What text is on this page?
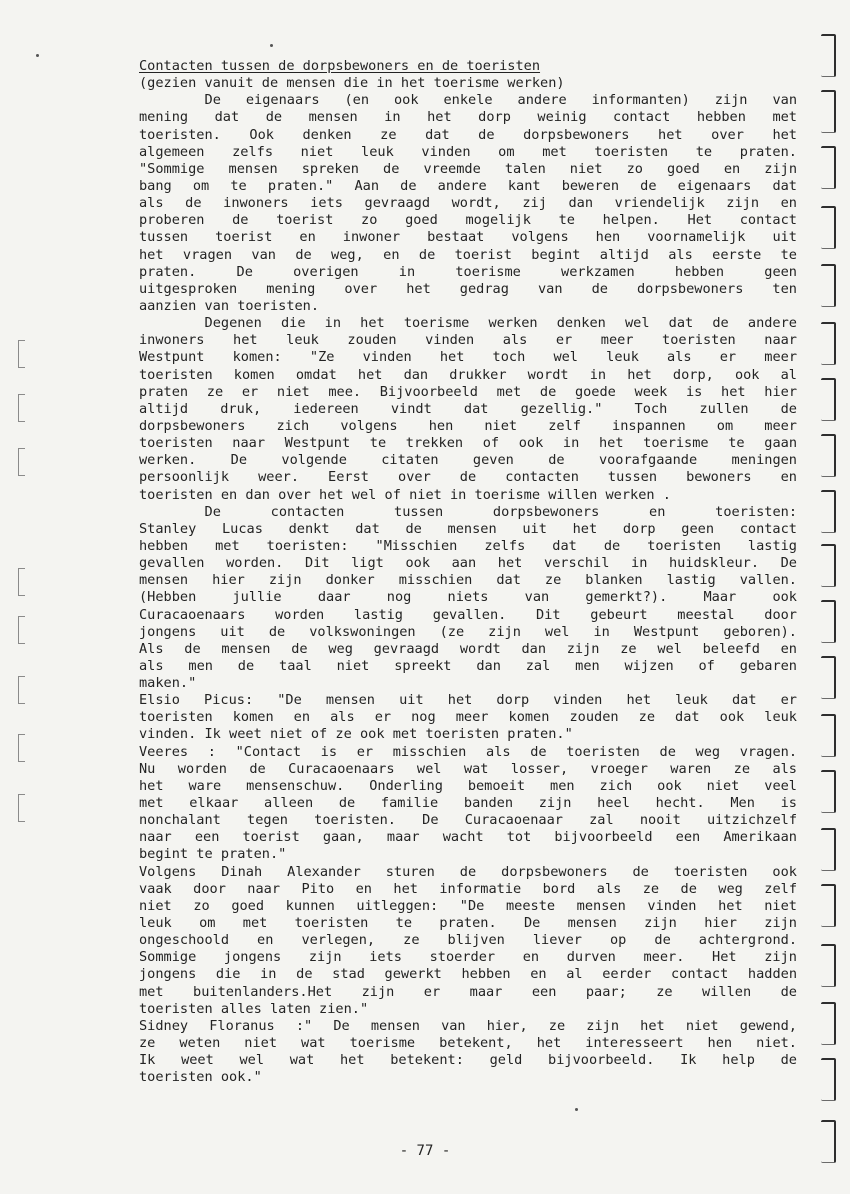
Contacten tussen de dorpsbewoners en de toeristen
(gezien vanuit de mensen die in het toerisme werken)
De eigenaars (en ook enkele andere informanten) zijn van
mening dat de mensen in het dorp weinig contact hebben met
toeristen. Ook denken ze dat de dorpsbewoners het over het
algemeen zelfs niet leuk vinden om met toeristen te praten.
"Sommige mensen spreken de vreemde talen niet zo goed en zijn
bang om te praten." Aan de andere kant beweren de eigenaars dat
als de inwoners iets gevraagd wordt, zij dan vriendelijk zijn en
proberen de toerist zo goed mogelijk te helpen. Het contact
tussen toerist en inwoner bestaat volgens hen voornamelijk uit
het vragen van de weg, en de toerist begint altijd als eerste te
praten. De overigen in toerisme werkzamen hebben geen
uitgesproken mening over het gedrag van de dorpsbewoners ten
aanzien van toeristen.
Degenen die in het toerisme werken denken wel dat de andere
inwoners het leuk zouden vinden als er meer toeristen naar
Westpunt komen: "Ze vinden het toch wel leuk als er meer
toeristen komen omdat het dan drukker wordt in het dorp, ook al
praten ze er niet mee. Bijvoorbeeld met de goede week is het hier
altijd druk, iedereen vindt dat gezellig." Toch zullen de
dorpsbewoners zich volgens hen niet zelf inspannen om meer
toeristen naar Westpunt te trekken of ook in het toerisme te gaan
werken. De volgende citaten geven de voorafgaande meningen
persoonlijk weer. Eerst over de contacten tussen bewoners en
toeristen en dan over het wel of niet in toerisme willen werken .
De contacten tussen dorpsbewoners en toeristen:
Stanley Lucas denkt dat de mensen uit het dorp geen contact
hebben met toeristen: "Misschien zelfs dat de toeristen lastig
gevallen worden. Dit ligt ook aan het verschil in huidskleur. De
mensen hier zijn donker misschien dat ze blanken lastig vallen.
(Hebben jullie daar nog niets van gemerkt?). Maar ook
Curacaoenaars worden lastig gevallen. Dit gebeurt meestal door
jongens uit de volkswoningen (ze zijn wel in Westpunt geboren).
Als de mensen de weg gevraagd wordt dan zijn ze wel beleefd en
als men de taal niet spreekt dan zal men wijzen of gebaren
maken."
Elsio Picus: "De mensen uit het dorp vinden het leuk dat er
toeristen komen en als er nog meer komen zouden ze dat ook leuk
vinden. Ik weet niet of ze ook met toeristen praten."
Veeres : "Contact is er misschien als de toeristen de weg vragen.
Nu worden de Curacaoenaars wel wat losser, vroeger waren ze als
het ware mensenschuw. Onderling bemoeit men zich ook niet veel
met elkaar alleen de familie banden zijn heel hecht. Men is
nonchalant tegen toeristen. De Curacaoenaar zal nooit uitzichzelf
naar een toerist gaan, maar wacht tot bijvoorbeeld een Amerikaan
begint te praten."
Volgens Dinah Alexander sturen de dorpsbewoners de toeristen ook
vaak door naar Pito en het informatie bord als ze de weg zelf
niet zo goed kunnen uitleggen: "De meeste mensen vinden het niet
leuk om met toeristen te praten. De mensen zijn hier zijn
ongeschoold en verlegen, ze blijven liever op de achtergrond.
Sommige jongens zijn iets stoerder en durven meer. Het zijn
jongens die in de stad gewerkt hebben en al eerder contact hadden
met buitenlanders.Het zijn er maar een paar; ze willen de
toeristen alles laten zien."
Sidney Floranus :" De mensen van hier, ze zijn het niet gewend,
ze weten niet wat toerisme betekent, het interesseert hen niet.
Ik weet wel wat het betekent: geld bijvoorbeeld. Ik help de
toeristen ook."
- 77 -
